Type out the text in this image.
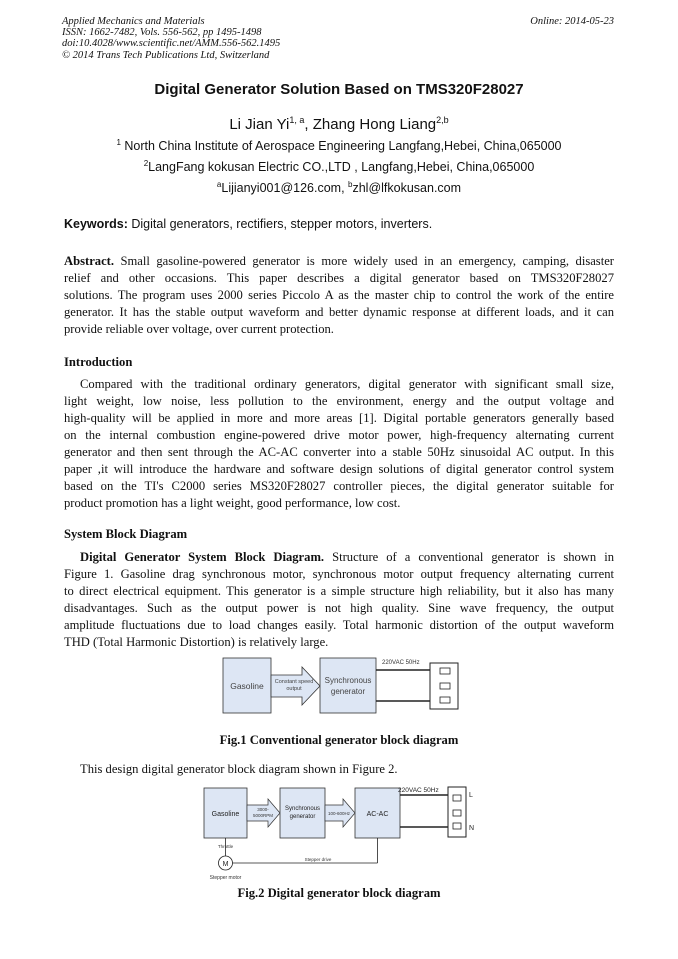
Applied Mechanics and Materials
ISSN: 1662-7482, Vols. 556-562, pp 1495-1498
doi:10.4028/www.scientific.net/AMM.556-562.1495
© 2014 Trans Tech Publications Ltd, Switzerland
Online: 2014-05-23
Digital Generator Solution Based on TMS320F28027
Li Jian Yi$^{1, a}$, Zhang Hong Liang$^{2,b}$
$^1$ North China Institute of Aerospace Engineering Langfang,Hebei, China,065000
$^2$LangFang kokusan Electric CO.,LTD , Langfang,Hebei, China,065000
$^a$Lijianyi001@126.com, $^b$zhl@lfkokusan.com
Keywords: Digital generators, rectifiers, stepper motors, inverters.
Abstract. Small gasoline-powered generator is more widely used in an emergency, camping, disaster
relief and other occasions. This paper describes a digital generator based on TMS320F28027
solutions. The program uses 2000 series Piccolo A as the master chip to control the work of the entire
generator. It has the stable output waveform and better dynamic response at different loads, and it can
provide reliable over voltage, over current protection.
Introduction
Compared with the traditional ordinary generators, digital generator with significant small size,
light weight, low noise, less pollution to the environment, energy and the output voltage and
high-quality will be applied in more and more areas [1]. Digital portable generators generally based
on the internal combustion engine-powered drive motor power, high-frequency alternating current
generator and then sent through the AC-AC converter into a stable 50Hz sinusoidal AC output. In this
paper ,it will introduce the hardware and software design solutions of digital generator control system
based on the TI's C2000 series MS320F28027 controller pieces, the digital generator suitable for
product promotion has a light weight, good performance, low cost.
System Block Diagram
Digital Generator System Block Diagram. Structure of a conventional generator is shown in
Figure 1. Gasoline drag synchronous motor, synchronous motor output frequency alternating current
to direct electrical equipment. This generator is a simple structure high reliability, but it also has many
disadvantages. Such as the output power is not high quality. Sine wave frequency, the output
amplitude fluctuations due to load changes easily. Total harmonic distortion of the output waveform
THD (Total Harmonic Distortion) is relatively large.
Gasoline Constant speed
output
Synchronous
generator
220VAC 50Hz
Fig.1 Conventional generator block diagram
This design digital generator block diagram shown in Figure 2.
Gasoline
3000-
5000RPM
Synchronous
generator
100-600Hz AC-AC
220VAC 50Hz
L
N
Throttle
M
Stepper motor
Stepper drive
Fig.2 Digital generator block diagram
